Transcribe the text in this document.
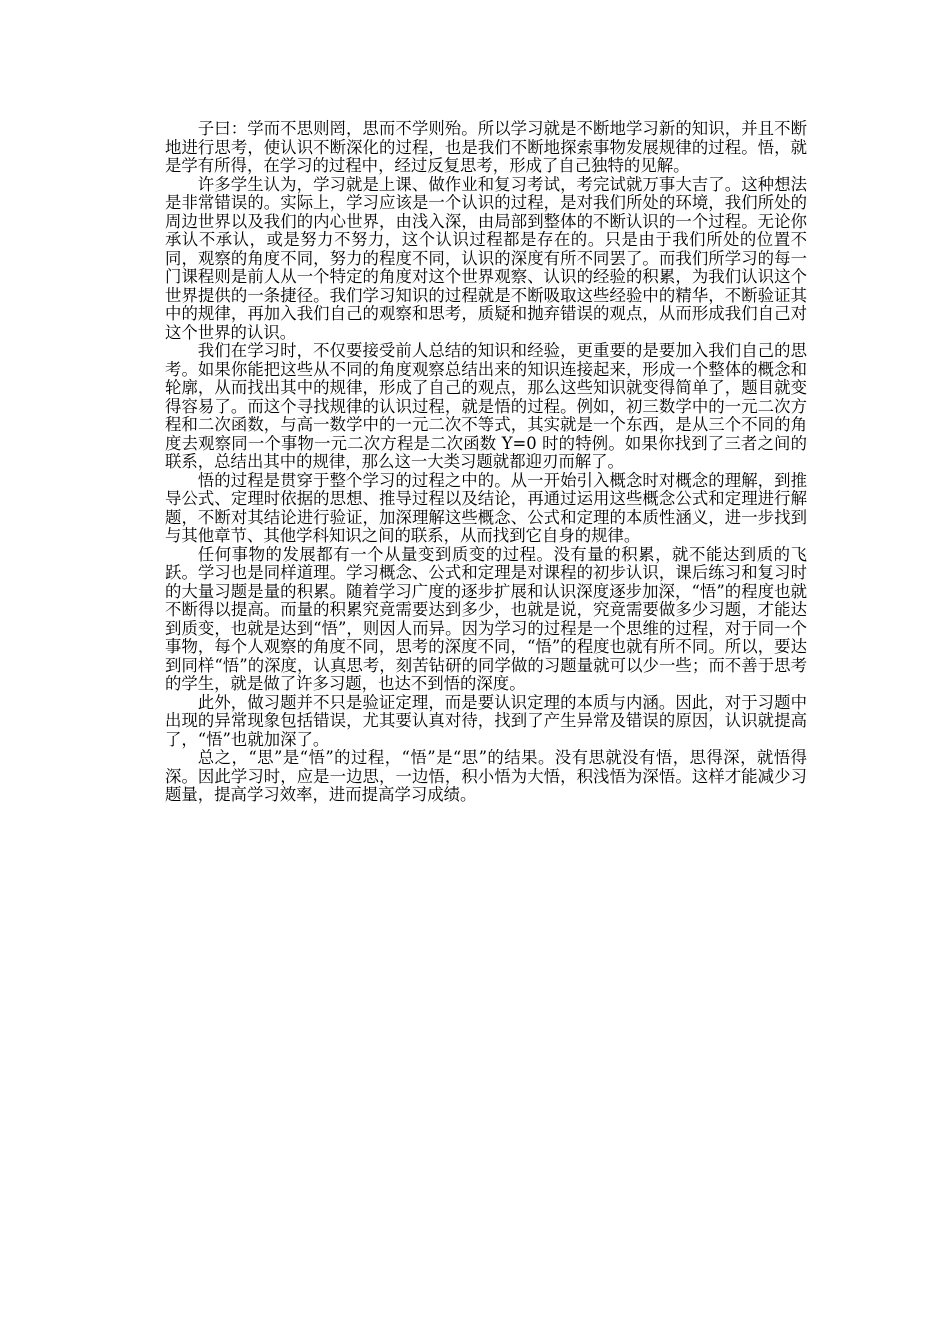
子曰：学而不思则罔，思而不学则殆。所以学习就是不断地学习新的知识，并且不断地进行思考，使认识不断深化的过程，也是我们不断地探索事物发展规律的过程。悟，就是学有所得，在学习的过程中，经过反复思考，形成了自己独特的见解。

许多学生认为，学习就是上课、做作业和复习考试，考完试就万事大吉了。这种想法是非常错误的。实际上，学习应该是一个认识的过程，是对我们所处的环境，我们所处的周边世界以及我们的内心世界，由浅入深，由局部到整体的不断认识的一个过程。无论你承认不承认，或是努力不努力，这个认识过程都是存在的。只是由于我们所处的位置不同，观察的角度不同，努力的程度不同，认识的深度有所不同罢了。而我们所学习的每一门课程则是前人从一个特定的角度对这个世界观察、认识的经验的积累，为我们认识这个世界提供的一条捷径。我们学习知识的过程就是不断吸取这些经验中的精华，不断验证其中的规律，再加入我们自己的观察和思考，质疑和抛弃错误的观点，从而形成我们自己对这个世界的认识。

我们在学习时，不仅要接受前人总结的知识和经验，更重要的是要加入我们自己的思考。如果你能把这些从不同的角度观察总结出来的知识连接起来，形成一个整体的概念和轮廓，从而找出其中的规律，形成了自己的观点，那么这些知识就变得简单了，题目就变得容易了。而这个寻找规律的认识过程，就是悟的过程。例如，初三数学中的一元二次方程和二次函数，与高一数学中的一元二次不等式，其实就是一个东西，是从三个不同的角度去观察同一个事物一元二次方程是二次函数 Y=0 时的特例。如果你找到了三者之间的联系，总结出其中的规律，那么这一大类习题就都迎刃而解了。

悟的过程是贯穿于整个学习的过程之中的。从一开始引入概念时对概念的理解，到推导公式、定理时依据的思想、推导过程以及结论，再通过运用这些概念公式和定理进行解题，不断对其结论进行验证，加深理解这些概念、公式和定理的本质性涵义，进一步找到与其他章节、其他学科知识之间的联系，从而找到它自身的规律。

任何事物的发展都有一个从量变到质变的过程。没有量的积累，就不能达到质的飞跃。学习也是同样道理。学习概念、公式和定理是对课程的初步认识，课后练习和复习时的大量习题是量的积累。随着学习广度的逐步扩展和认识深度逐步加深，“悟”的程度也就不断得以提高。而量的积累究竟需要达到多少，也就是说，究竟需要做多少习题，才能达到质变，也就是达到“悟”，则因人而异。因为学习的过程是一个思维的过程，对于同一个事物，每个人观察的角度不同，思考的深度不同，“悟”的程度也就有所不同。所以，要达到同样“悟”的深度，认真思考，刻苦钻研的同学做的习题量就可以少一些；而不善于思考的学生，就是做了许多习题，也达不到悟的深度。

此外，做习题并不只是验证定理，而是要认识定理的本质与内涵。因此，对于习题中出现的异常现象包括错误，尤其要认真对待，找到了产生异常及错误的原因，认识就提高了，“悟”也就加深了。

总之，“思”是“悟”的过程，“悟”是“思”的结果。没有思就没有悟，思得深，就悟得深。因此学习时，应是一边思，一边悟，积小悟为大悟，积浅悟为深悟。这样才能减少习题量，提高学习效率，进而提高学习成绩。
